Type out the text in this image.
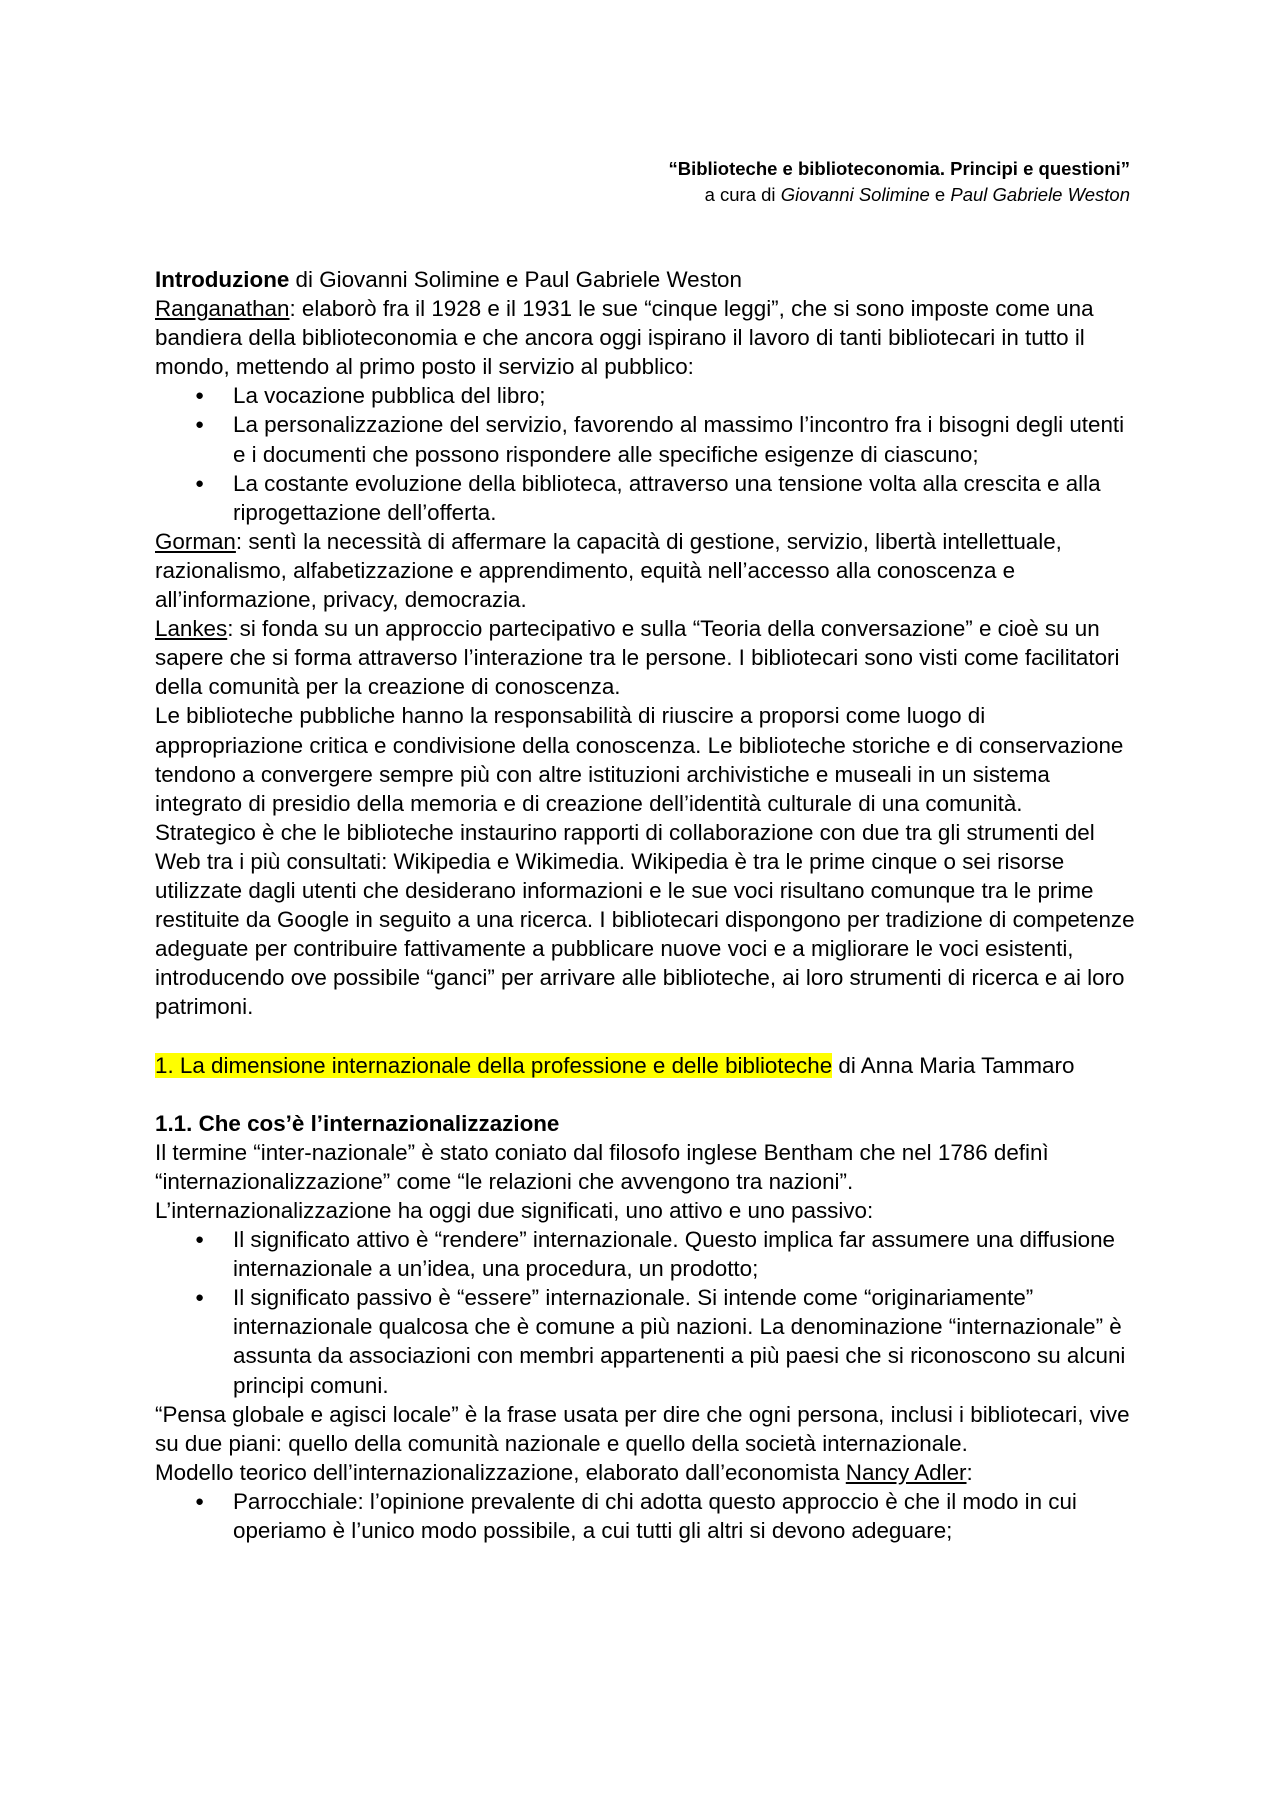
“Biblioteche e biblioteconomia. Principi e questioni”
a cura di Giovanni Solimine e Paul Gabriele Weston

Introduzione di Giovanni Solimine e Paul Gabriele Weston

Ranganathan: elaborò fra il 1928 e il 1931 le sue “cinque leggi”, che si sono imposte come una bandiera della biblioteconomia e che ancora oggi ispirano il lavoro di tanti bibliotecari in tutto il mondo, mettendo al primo posto il servizio al pubblico:

● La vocazione pubblica del libro;
● La personalizzazione del servizio, favorendo al massimo l’incontro fra i bisogni degli utenti e i documenti che possono rispondere alle specifiche esigenze di ciascuno;
● La costante evoluzione della biblioteca, attraverso una tensione volta alla crescita e alla riprogettazione dell’offerta.

Gorman: sentì la necessità di affermare la capacità di gestione, servizio, libertà intellettuale, razionalismo, alfabetizzazione e apprendimento, equità nell’accesso alla conoscenza e all’informazione, privacy, democrazia.

Lankes: si fonda su un approccio partecipativo e sulla “Teoria della conversazione” e cioè su un sapere che si forma attraverso l’interazione tra le persone. I bibliotecari sono visti come facilitatori della comunità per la creazione di conoscenza.

Le biblioteche pubbliche hanno la responsabilità di riuscire a proporsi come luogo di appropriazione critica e condivisione della conoscenza. Le biblioteche storiche e di conservazione tendono a convergere sempre più con altre istituzioni archivistiche e museali in un sistema integrato di presidio della memoria e di creazione dell’identità culturale di una comunità.

Strategico è che le biblioteche instaurino rapporti di collaborazione con due tra gli strumenti del Web tra i più consultati: Wikipedia e Wikimedia. Wikipedia è tra le prime cinque o sei risorse utilizzate dagli utenti che desiderano informazioni e le sue voci risultano comunque tra le prime restituite da Google in seguito a una ricerca. I bibliotecari dispongono per tradizione di competenze adeguate per contribuire fattivamente a pubblicare nuove voci e a migliorare le voci esistenti, introducendo ove possibile “ganci” per arrivare alle biblioteche, ai loro strumenti di ricerca e ai loro patrimoni.

1. La dimensione internazionale della professione e delle biblioteche di Anna Maria Tammaro

1.1. Che cos’è l’internazionalizzazione

Il termine “inter-nazionale” è stato coniato dal filosofo inglese Bentham che nel 1786 definì “internazionalizzazione” come “le relazioni che avvengono tra nazioni”.

L’internazionalizzazione ha oggi due significati, uno attivo e uno passivo:

● Il significato attivo è “rendere” internazionale. Questo implica far assumere una diffusione internazionale a un’idea, una procedura, un prodotto;
● Il significato passivo è “essere” internazionale. Si intende come “originariamente” internazionale qualcosa che è comune a più nazioni. La denominazione “internazionale” è assunta da associazioni con membri appartenenti a più paesi che si riconoscono su alcuni principi comuni.

“Pensa globale e agisci locale” è la frase usata per dire che ogni persona, inclusi i bibliotecari, vive su due piani: quello della comunità nazionale e quello della società internazionale.

Modello teorico dell’internazionalizzazione, elaborato dall’economista Nancy Adler:

● Parrocchiale: l’opinione prevalente di chi adotta questo approccio è che il modo in cui operiamo è l’unico modo possibile, a cui tutti gli altri si devono adeguare;
